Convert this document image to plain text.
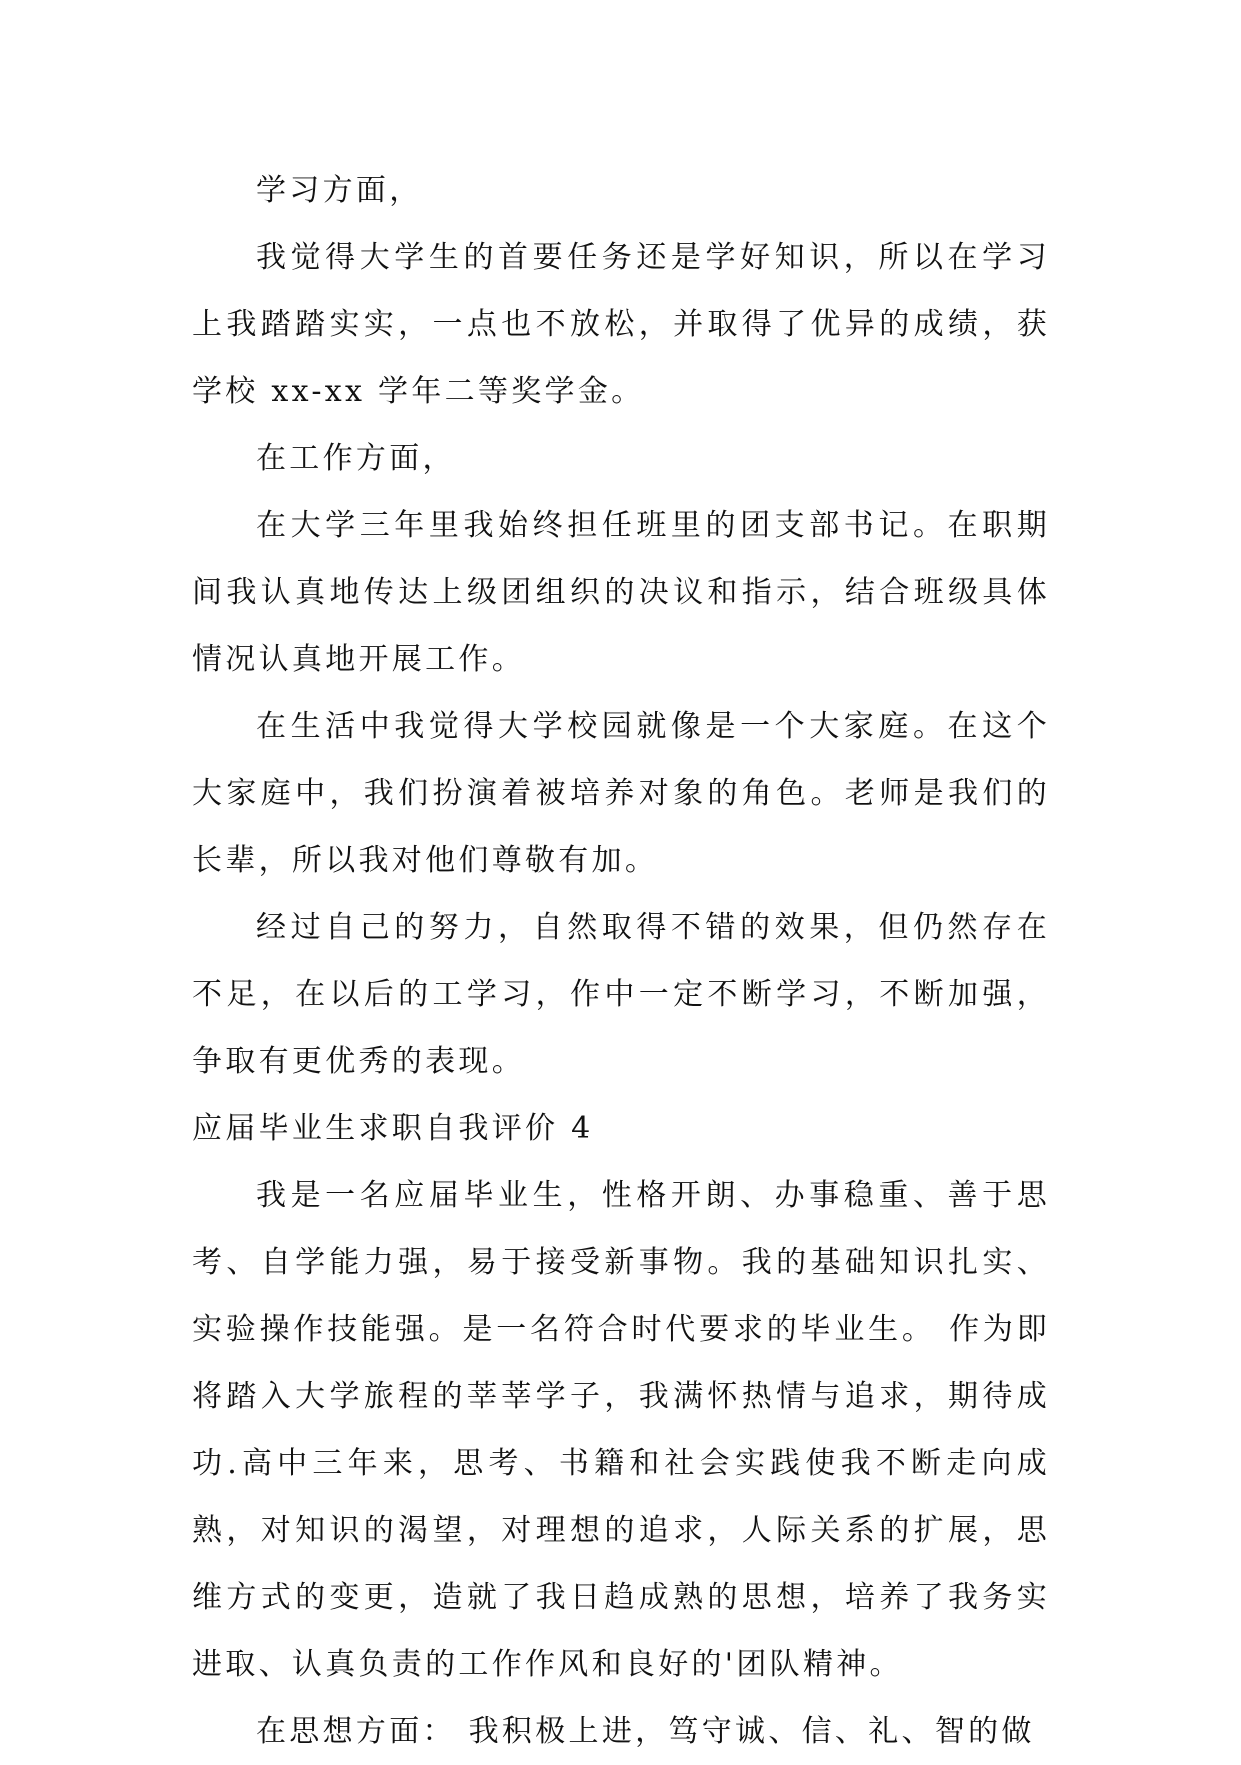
学习方面，

我觉得大学生的首要任务还是学好知识，所以在学习上我踏踏实实，一点也不放松，并取得了优异的成绩，获学校 xx-xx 学年二等奖学金。

在工作方面，

在大学三年里我始终担任班里的团支部书记。在职期间我认真地传达上级团组织的决议和指示，结合班级具体情况认真地开展工作。

在生活中我觉得大学校园就像是一个大家庭。在这个大家庭中，我们扮演着被培养对象的角色。老师是我们的长辈，所以我对他们尊敬有加。

经过自己的努力，自然取得不错的效果，但仍然存在不足，在以后的工学习，作中一定不断学习，不断加强，争取有更优秀的表现。

应届毕业生求职自我评价 4

我是一名应届毕业生，性格开朗、办事稳重、善于思考、自学能力强，易于接受新事物。我的基础知识扎实、实验操作技能强。是一名符合时代要求的毕业生。 作为即将踏入大学旅程的莘莘学子，我满怀热情与追求，期待成功.高中三年来，思考、书籍和社会实践使我不断走向成熟，对知识的渴望，对理想的追求，人际关系的扩展，思维方式的变更，造就了我日趋成熟的思想，培养了我务实进取、认真负责的工作作风和良好的'团队精神。

在思想方面： 我积极上进，笃守诚、信、礼、智的做
